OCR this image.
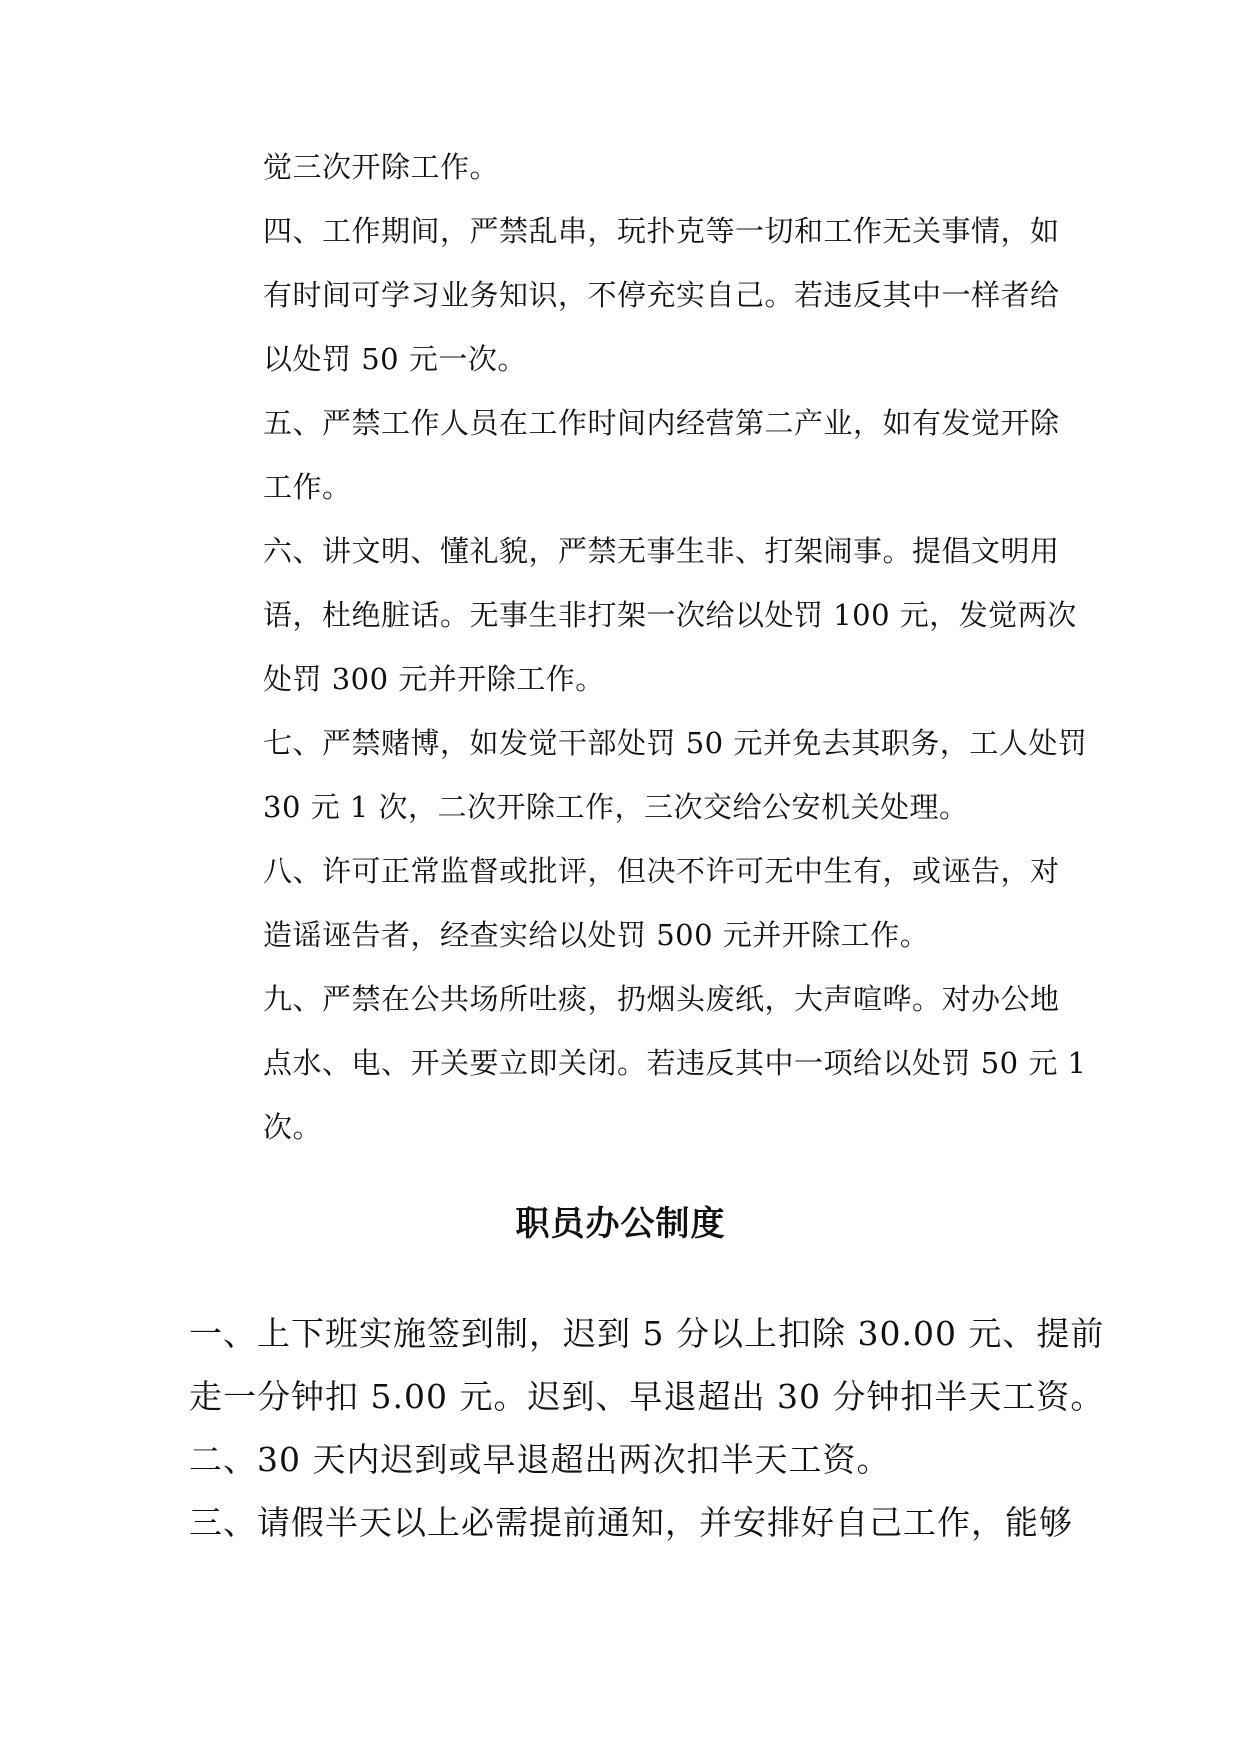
觉三次开除工作。
四、工作期间，严禁乱串，玩扑克等一切和工作无关事情，如
有时间可学习业务知识，不停充实自己。若违反其中一样者给
以处罚 50 元一次。
五、严禁工作人员在工作时间内经营第二产业，如有发觉开除
工作。
六、讲文明、懂礼貌，严禁无事生非、打架闹事。提倡文明用
语，杜绝脏话。无事生非打架一次给以处罚 100 元，发觉两次
处罚 300 元并开除工作。
七、严禁赌博，如发觉干部处罚 50 元并免去其职务，工人处罚
30 元 1 次，二次开除工作，三次交给公安机关处理。
八、许可正常监督或批评，但决不许可无中生有，或诬告，对
造谣诬告者，经查实给以处罚 500 元并开除工作。
九、严禁在公共场所吐痰，扔烟头废纸，大声喧哗。对办公地
点水、电、开关要立即关闭。若违反其中一项给以处罚 50 元 1
次。
职员办公制度
一、上下班实施签到制，迟到 5 分以上扣除 30.00 元、提前
走一分钟扣 5.00 元。迟到、早退超出 30 分钟扣半天工资。
二、30 天内迟到或早退超出两次扣半天工资。
三、请假半天以上必需提前通知，并安排好自己工作，能够
